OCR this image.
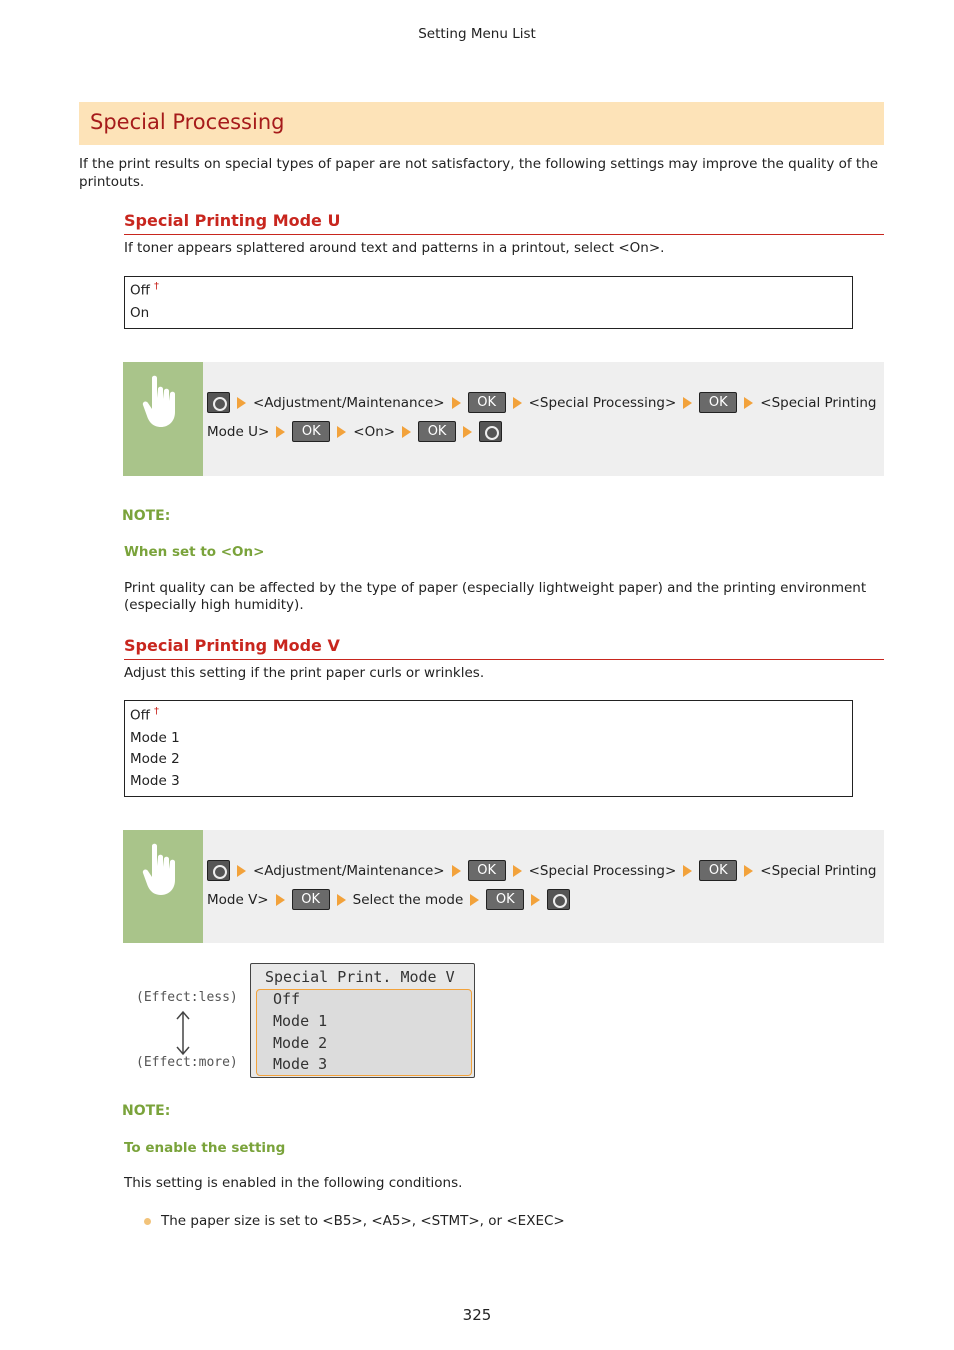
Setting Menu List
Special Processing
If the print results on special types of paper are not satisfactory, the following settings may improve the quality of the printouts.
Special Printing Mode U
If toner appears splattered around text and patterns in a printout, select <On>.
Off †
On
<Adjustment/Maintenance>	OK	<Special Processing>	OK	<Special Printing
Mode U>	OK	<On>	OK
NOTE:
When set to <On>
Print quality can be affected by the type of paper (especially lightweight paper) and the printing environment (especially high humidity).
Special Printing Mode V
Adjust this setting if the print paper curls or wrinkles.
Off †
Mode 1
Mode 2
Mode 3
<Adjustment/Maintenance>	OK	<Special Processing>	OK	<Special Printing
Mode V>	OK	Select the mode	OK
(Effect:less)
(Effect:more)
Special Print. Mode V
Off
Mode 1
Mode 2
Mode 3
NOTE:
To enable the setting
This setting is enabled in the following conditions.
The paper size is set to <B5>, <A5>, <STMT>, or <EXEC>
325
